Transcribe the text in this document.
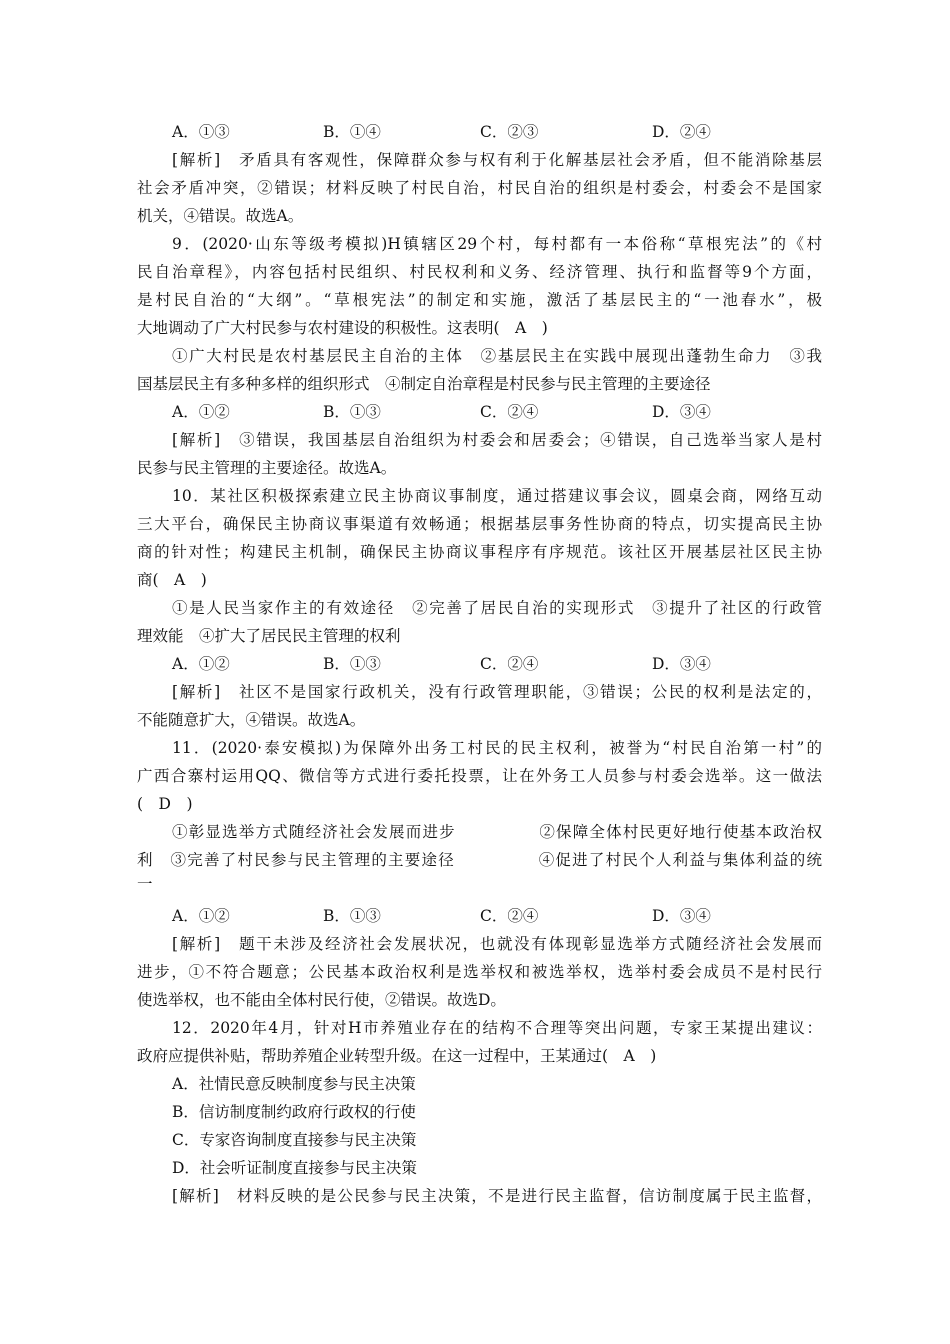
A．①③	B．①④	C．②③	D．②④
[解析]　矛盾具有客观性，保障群众参与权有利于化解基层社会矛盾，但不能消除基层
社会矛盾冲突，②错误；材料反映了村民自治，村民自治的组织是村委会，村委会不是国家
机关，④错误。故选A。
9．(2020·山东等级考模拟)H镇辖区29个村，每村都有一本俗称“草根宪法”的《村
民自治章程》，内容包括村民组织、村民权利和义务、经济管理、执行和监督等9个方面，
是村民自治的“大纲”。“草根宪法”的制定和实施，激活了基层民主的“一池春水”，极
大地调动了广大村民参与农村建设的积极性。这表明(　A　)
①广大村民是农村基层民主自治的主体　②基层民主在实践中展现出蓬勃生命力　③我
国基层民主有多种多样的组织形式　④制定自治章程是村民参与民主管理的主要途径
A．①②	B．①③	C．②④	D．③④
[解析]　③错误，我国基层自治组织为村委会和居委会；④错误，自己选举当家人是村
民参与民主管理的主要途径。故选A。
10．某社区积极探索建立民主协商议事制度，通过搭建议事会议，圆桌会商，网络互动
三大平台，确保民主协商议事渠道有效畅通；根据基层事务性协商的特点，切实提高民主协
商的针对性；构建民主机制，确保民主协商议事程序有序规范。该社区开展基层社区民主协
商(　A　)
①是人民当家作主的有效途径　②完善了居民自治的实现形式　③提升了社区的行政管
理效能　④扩大了居民民主管理的权利
A．①②	B．①③	C．②④	D．③④
[解析]　社区不是国家行政机关，没有行政管理职能，③错误；公民的权利是法定的，
不能随意扩大，④错误。故选A。
11．(2020·泰安模拟)为保障外出务工村民的民主权利，被誉为“村民自治第一村”的
广西合寨村运用QQ、微信等方式进行委托投票，让在外务工人员参与村委会选举。这一做法
(　D　)
①彰显选举方式随经济社会发展而进步　　　　　②保障全体村民更好地行使基本政治权
利　③完善了村民参与民主管理的主要途径　　　　　④促进了村民个人利益与集体利益的统
一
A．①②	B．①③	C．②④	D．③④
[解析]　题干未涉及经济社会发展状况，也就没有体现彰显选举方式随经济社会发展而
进步，①不符合题意；公民基本政治权利是选举权和被选举权，选举村委会成员不是村民行
使选举权，也不能由全体村民行使，②错误。故选D。
12．2020年4月，针对H市养殖业存在的结构不合理等突出问题，专家王某提出建议：
政府应提供补贴，帮助养殖企业转型升级。在这一过程中，王某通过(　A　)
A．社情民意反映制度参与民主决策
B．信访制度制约政府行政权的行使
C．专家咨询制度直接参与民主决策
D．社会听证制度直接参与民主决策
[解析]　材料反映的是公民参与民主决策，不是进行民主监督，信访制度属于民主监督，
